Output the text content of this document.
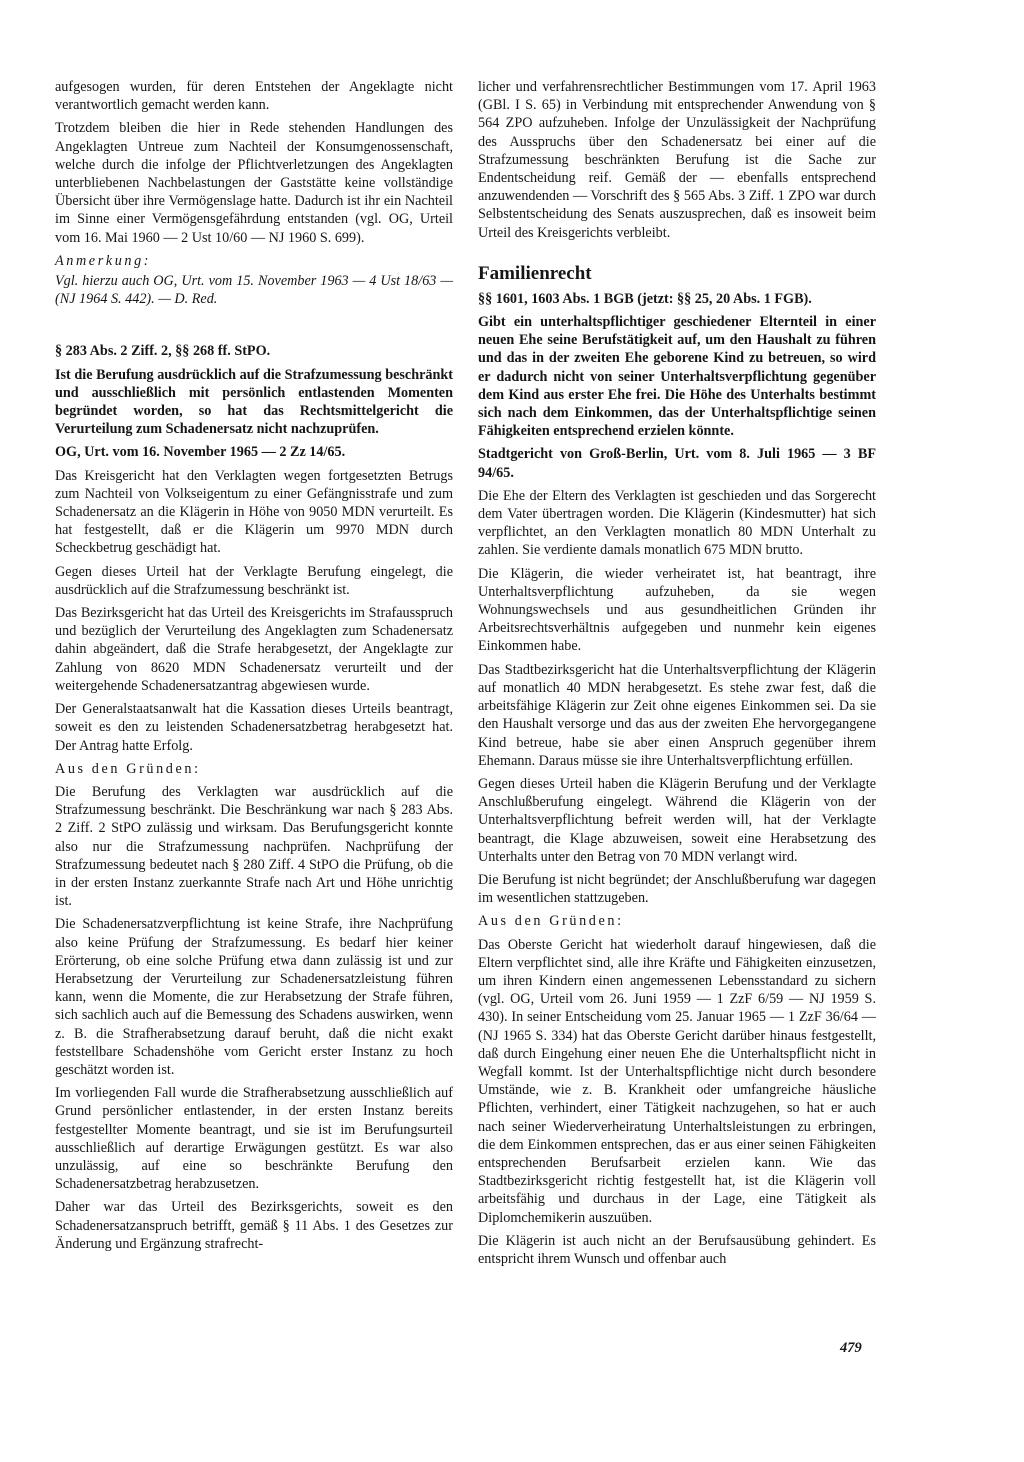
aufgesogen wurden, für deren Entstehen der Angeklagte nicht verantwortlich gemacht werden kann.

Trotzdem bleiben die hier in Rede stehenden Handlungen des Angeklagten Untreue zum Nachteil der Konsumgenossenschaft, welche durch die infolge der Pflichtverletzungen des Angeklagten unterbliebenen Nachbelastungen der Gaststätte keine vollständige Übersicht über ihre Vermögenslage hatte. Dadurch ist ihr ein Nachteil im Sinne einer Vermögensgefährdung entstanden (vgl. OG, Urteil vom 16. Mai 1960 — 2 Ust 10/60 — NJ 1960 S. 699).

Anmerkung:

Vgl. hierzu auch OG, Urt. vom 15. November 1963 — 4 Ust 18/63 — (NJ 1964 S. 442). — D. Red.

§ 283 Abs. 2 Ziff. 2, §§ 268 ff. StPO.

Ist die Berufung ausdrücklich auf die Strafzumessung beschränkt und ausschließlich mit persönlich entlastenden Momenten begründet worden, so hat das Rechtsmittelgericht die Verurteilung zum Schadenersatz nicht nachzuprüfen.

OG, Urt. vom 16. November 1965 — 2 Zz 14/65.

Das Kreisgericht hat den Verklagten wegen fortgesetzten Betrugs zum Nachteil von Volkseigentum zu einer Gefängnisstrafe und zum Schadenersatz an die Klägerin in Höhe von 9050 MDN verurteilt. Es hat festgestellt, daß er die Klägerin um 9970 MDN durch Scheckbetrug geschädigt hat.

Gegen dieses Urteil hat der Verklagte Berufung eingelegt, die ausdrücklich auf die Strafzumessung beschränkt ist.

Das Bezirksgericht hat das Urteil des Kreisgerichts im Strafausspruch und bezüglich der Verurteilung des Angeklagten zum Schadenersatz dahin abgeändert, daß die Strafe herabgesetzt, der Angeklagte zur Zahlung von 8620 MDN Schadenersatz verurteilt und der weitergehende Schadenersatzantrag abgewiesen wurde.

Der Generalstaatsanwalt hat die Kassation dieses Urteils beantragt, soweit es den zu leistenden Schadenersatzbetrag herabgesetzt hat. Der Antrag hatte Erfolg.

Aus den Gründen:

Die Berufung des Verklagten war ausdrücklich auf die Strafzumessung beschränkt. Die Beschränkung war nach § 283 Abs. 2 Ziff. 2 StPO zulässig und wirksam. Das Berufungsgericht konnte also nur die Strafzumessung nachprüfen. Nachprüfung der Strafzumessung bedeutet nach § 280 Ziff. 4 StPO die Prüfung, ob die in der ersten Instanz zuerkannte Strafe nach Art und Höhe unrichtig ist.

Die Schadenersatzverpflichtung ist keine Strafe, ihre Nachprüfung also keine Prüfung der Strafzumessung. Es bedarf hier keiner Erörterung, ob eine solche Prüfung etwa dann zulässig ist und zur Herabsetzung der Verurteilung zur Schadenersatzleistung führen kann, wenn die Momente, die zur Herabsetzung der Strafe führen, sich sachlich auch auf die Bemessung des Schadens auswirken, wenn z. B. die Strafherabsetzung darauf beruht, daß die nicht exakt feststellbare Schadenshöhe vom Gericht erster Instanz zu hoch geschätzt worden ist.

Im vorliegenden Fall wurde die Strafherabsetzung ausschließlich auf Grund persönlicher entlastender, in der ersten Instanz bereits festgestellter Momente beantragt, und sie ist im Berufungsurteil ausschließlich auf derartige Erwägungen gestützt. Es war also unzulässig, auf eine so beschränkte Berufung den Schadenersatzbetrag herabzusetzen.

Daher war das Urteil des Bezirksgerichts, soweit es den Schadenersatzanspruch betrifft, gemäß § 11 Abs. 1 des Gesetzes zur Änderung und Ergänzung strafrecht-

licher und verfahrensrechtlicher Bestimmungen vom 17. April 1963 (GBl. I S. 65) in Verbindung mit entsprechender Anwendung von § 564 ZPO aufzuheben. Infolge der Unzulässigkeit der Nachprüfung des Ausspruchs über den Schadenersatz bei einer auf die Strafzumessung beschränkten Berufung ist die Sache zur Endentscheidung reif. Gemäß der — ebenfalls entsprechend anzuwendenden — Vorschrift des § 565 Abs. 3 Ziff. 1 ZPO war durch Selbstentscheidung des Senats auszusprechen, daß es insoweit beim Urteil des Kreisgerichts verbleibt.

Familienrecht

§§ 1601, 1603 Abs. 1 BGB (jetzt: §§ 25, 20 Abs. 1 FGB).

Gibt ein unterhaltspflichtiger geschiedener Elternteil in einer neuen Ehe seine Berufstätigkeit auf, um den Haushalt zu führen und das in der zweiten Ehe geborene Kind zu betreuen, so wird er dadurch nicht von seiner Unterhaltsverpflichtung gegenüber dem Kind aus erster Ehe frei. Die Höhe des Unterhalts bestimmt sich nach dem Einkommen, das der Unterhaltspflichtige seinen Fähigkeiten entsprechend erzielen könnte.

Stadtgericht von Groß-Berlin, Urt. vom 8. Juli 1965 — 3 BF 94/65.

Die Ehe der Eltern des Verklagten ist geschieden und das Sorgerecht dem Vater übertragen worden. Die Klägerin (Kindesmutter) hat sich verpflichtet, an den Verklagten monatlich 80 MDN Unterhalt zu zahlen. Sie verdiente damals monatlich 675 MDN brutto.

Die Klägerin, die wieder verheiratet ist, hat beantragt, ihre Unterhaltsverpflichtung aufzuheben, da sie wegen Wohnungswechsels und aus gesundheitlichen Gründen ihr Arbeitsrechtsverhältnis aufgegeben und nunmehr kein eigenes Einkommen habe.

Das Stadtbezirksgericht hat die Unterhaltsverpflichtung der Klägerin auf monatlich 40 MDN herabgesetzt. Es stehe zwar fest, daß die arbeitsfähige Klägerin zur Zeit ohne eigenes Einkommen sei. Da sie den Haushalt versorge und das aus der zweiten Ehe hervorgegangene Kind betreue, habe sie aber einen Anspruch gegenüber ihrem Ehemann. Daraus müsse sie ihre Unterhaltsverpflichtung erfüllen.

Gegen dieses Urteil haben die Klägerin Berufung und der Verklagte Anschlußberufung eingelegt. Während die Klägerin von der Unterhaltsverpflichtung befreit werden will, hat der Verklagte beantragt, die Klage abzuweisen, soweit eine Herabsetzung des Unterhalts unter den Betrag von 70 MDN verlangt wird.

Die Berufung ist nicht begründet; der Anschlußberufung war dagegen im wesentlichen stattzugeben.

Aus den Gründen:

Das Oberste Gericht hat wiederholt darauf hingewiesen, daß die Eltern verpflichtet sind, alle ihre Kräfte und Fähigkeiten einzusetzen, um ihren Kindern einen angemessenen Lebensstandard zu sichern (vgl. OG, Urteil vom 26. Juni 1959 — 1 ZzF 6/59 — NJ 1959 S. 430). In seiner Entscheidung vom 25. Januar 1965 — 1 ZzF 36/64 — (NJ 1965 S. 334) hat das Oberste Gericht darüber hinaus festgestellt, daß durch Eingehung einer neuen Ehe die Unterhaltspflicht nicht in Wegfall kommt. Ist der Unterhaltspflichtige nicht durch besondere Umstände, wie z. B. Krankheit oder umfangreiche häusliche Pflichten, verhindert, einer Tätigkeit nachzugehen, so hat er auch nach seiner Wiederverheiratung Unterhaltsleistungen zu erbringen, die dem Einkommen entsprechen, das er aus einer seinen Fähigkeiten entsprechenden Berufsarbeit erzielen kann. Wie das Stadtbezirksgericht richtig festgestellt hat, ist die Klägerin voll arbeitsfähig und durchaus in der Lage, eine Tätigkeit als Diplomchemikerin auszuüben.

Die Klägerin ist auch nicht an der Berufsausübung gehindert. Es entspricht ihrem Wunsch und offenbar auch

479
